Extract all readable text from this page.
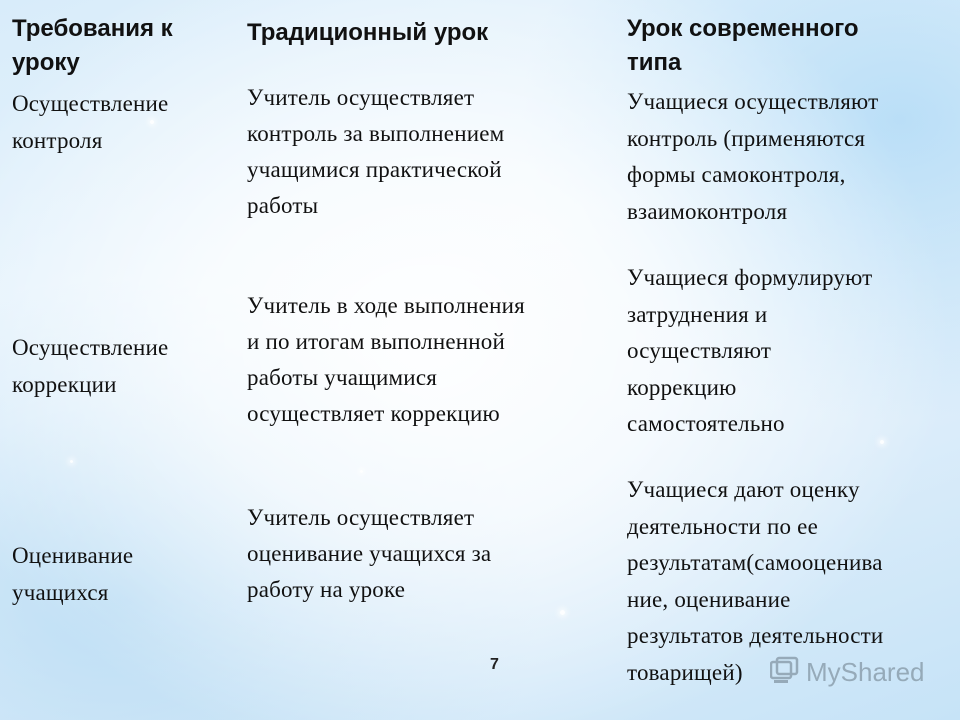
Требования к
уроку
Осуществление
контроля
Осуществление
коррекции
Оценивание
учащихся
Традиционный урок
Учитель осуществляет
контроль за выполнением
учащимися практической
работы
Учитель в ходе выполнения
и по итогам выполненной
работы учащимися
осуществляет коррекцию
Учитель осуществляет
оценивание учащихся за
работу на уроке
Урок современного
типа
Учащиеся осуществляют
контроль (применяются
формы самоконтроля,
взаимоконтроля
Учащиеся формулируют
затруднения и
осуществляют
коррекцию
самостоятельно
Учащиеся дают оценку
деятельности по ее
результатам(самооценива
ние, оценивание
результатов деятельности
товарищей)
7	MyShared
